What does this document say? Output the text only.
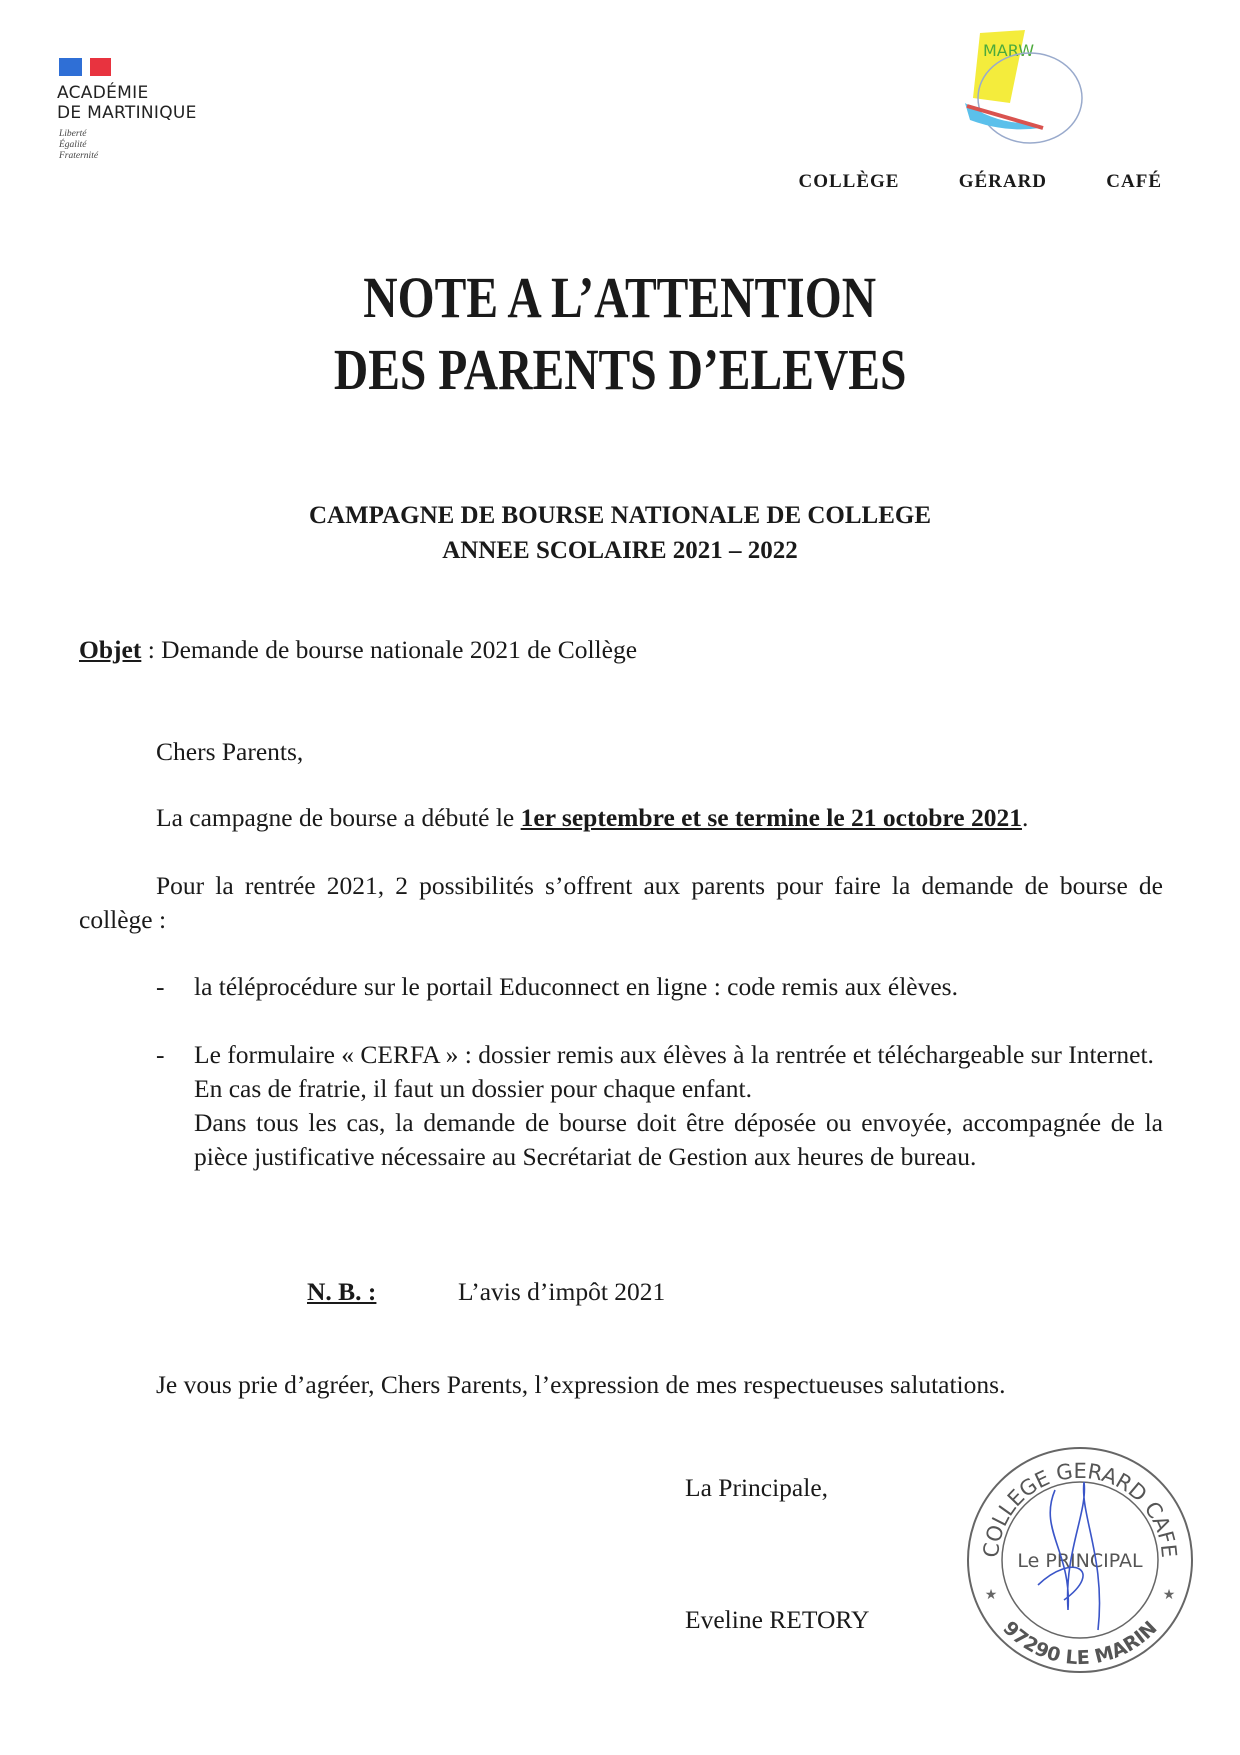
ACADÉMIE
DE MARTINIQUE
Liberté
Égalité
Fraternité
MARW
COLLÈGE   GÉRARD   CAFÉ
NOTE A L’ATTENTION
DES PARENTS D’ELEVES
CAMPAGNE DE BOURSE NATIONALE DE COLLEGE
ANNEE SCOLAIRE 2021 – 2022
Objet : Demande de bourse nationale 2021 de Collège
Chers Parents,
La campagne de bourse a débuté le 1er septembre et se termine le 21 octobre 2021.
Pour la rentrée 2021, 2 possibilités s’offrent aux parents pour faire la demande de bourse de collège :
- la téléprocédure sur le portail Educonnect en ligne : code remis aux élèves.
- Le formulaire « CERFA » : dossier remis aux élèves à la rentrée et téléchargeable sur Internet.
En cas de fratrie, il faut un dossier pour chaque enfant.
Dans tous les cas, la demande de bourse doit être déposée ou envoyée, accompagnée de la pièce justificative nécessaire au Secrétariat de Gestion aux heures de bureau.
N. B. :	L’avis d’impôt 2021
Je vous prie d’agréer, Chers Parents, l’expression de mes respectueuses salutations.
La Principale,
Eveline RETORY
COLLEGE GERARD CAFE
97290 LE MARIN
Le PRINCIPAL
★	★
